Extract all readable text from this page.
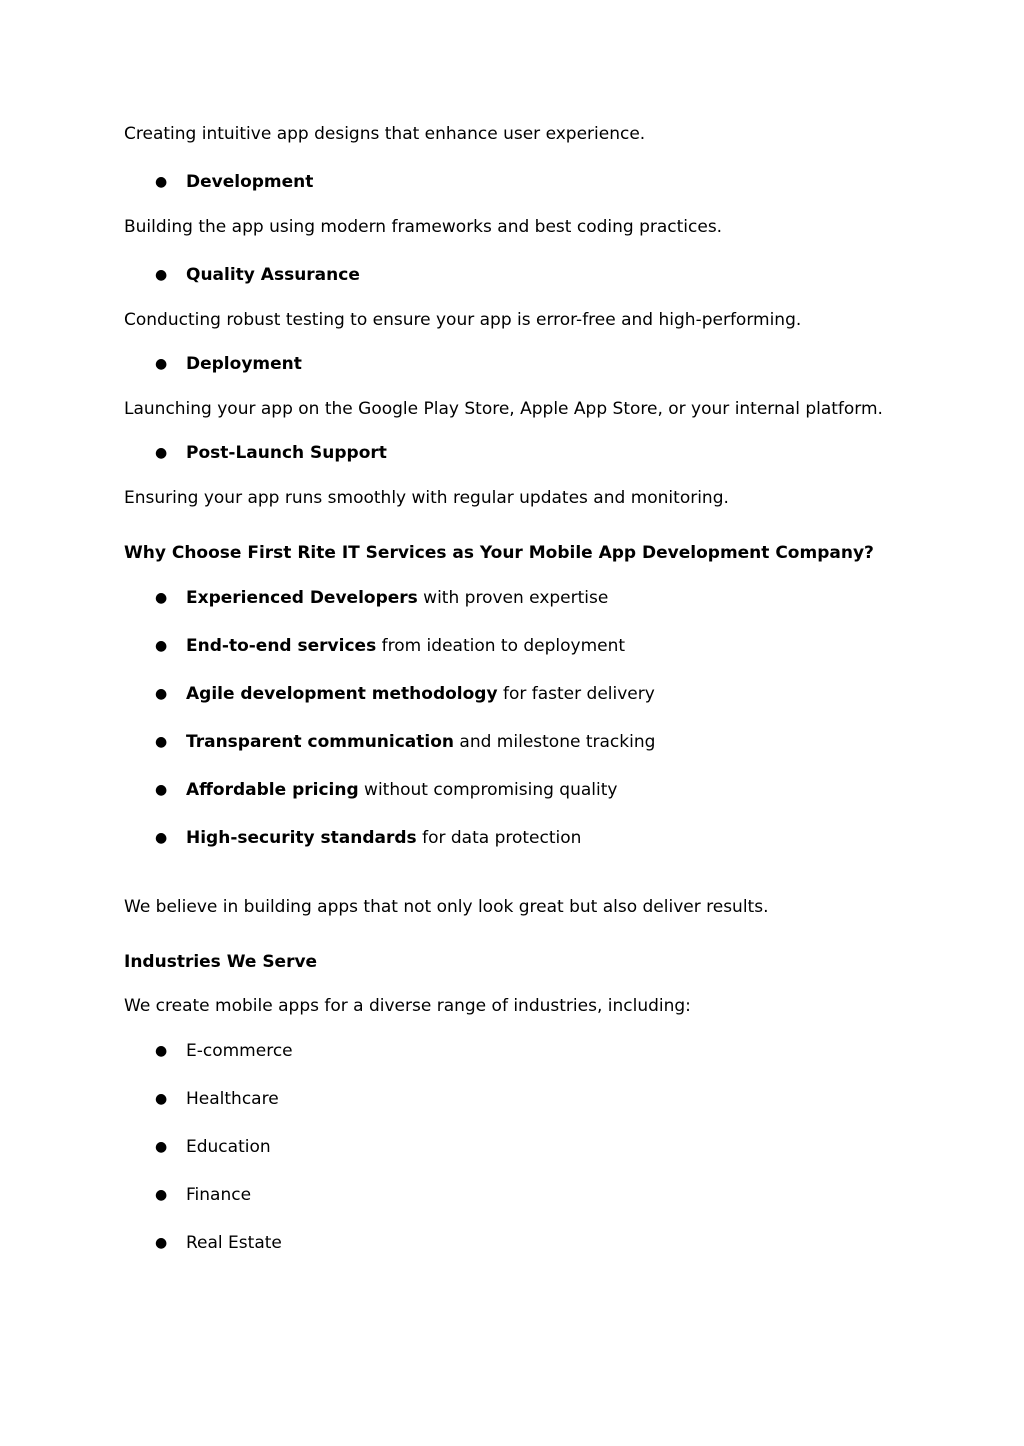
Creating intuitive app designs that enhance user experience.
● Development
Building the app using modern frameworks and best coding practices.
● Quality Assurance
Conducting robust testing to ensure your app is error-free and high-performing.
● Deployment
Launching your app on the Google Play Store, Apple App Store, or your internal platform.
● Post-Launch Support
Ensuring your app runs smoothly with regular updates and monitoring.
Why Choose First Rite IT Services as Your Mobile App Development Company?
● Experienced Developers with proven expertise
● End-to-end services from ideation to deployment
● Agile development methodology for faster delivery
● Transparent communication and milestone tracking
● Affordable pricing without compromising quality
● High-security standards for data protection
We believe in building apps that not only look great but also deliver results.
Industries We Serve
We create mobile apps for a diverse range of industries, including:
● E-commerce
● Healthcare
● Education
● Finance
● Real Estate
